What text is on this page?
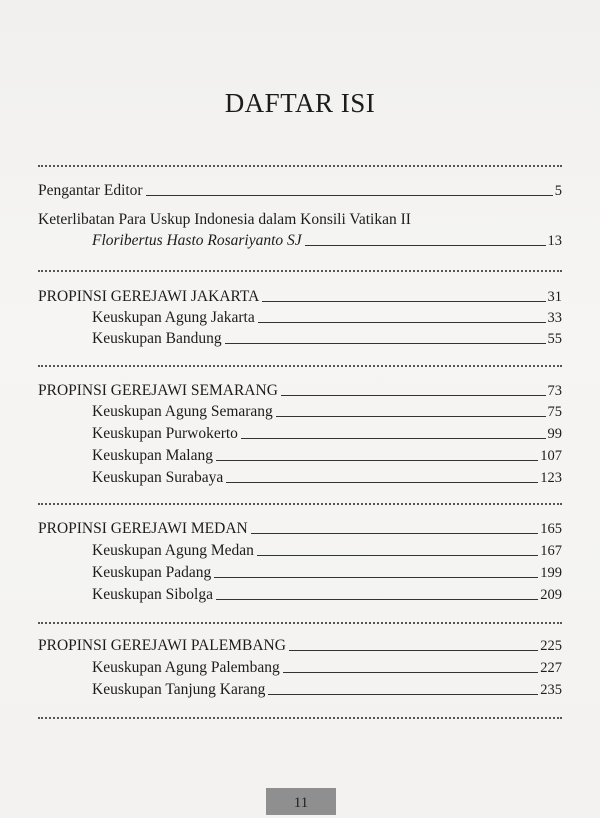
DAFTAR ISI
Pengantar Editor	5
Keterlibatan Para Uskup Indonesia dalam Konsili Vatikan II
Floribertus Hasto Rosariyanto SJ	13
PROPINSI GEREJAWI JAKARTA	31
Keuskupan Agung Jakarta	33
Keuskupan Bandung	55
PROPINSI GEREJAWI SEMARANG	73
Keuskupan Agung Semarang	75
Keuskupan Purwokerto	99
Keuskupan Malang	107
Keuskupan Surabaya	123
PROPINSI GEREJAWI MEDAN	165
Keuskupan Agung Medan	167
Keuskupan Padang	199
Keuskupan Sibolga	209
PROPINSI GEREJAWI PALEMBANG	225
Keuskupan Agung Palembang	227
Keuskupan Tanjung Karang	235
11
